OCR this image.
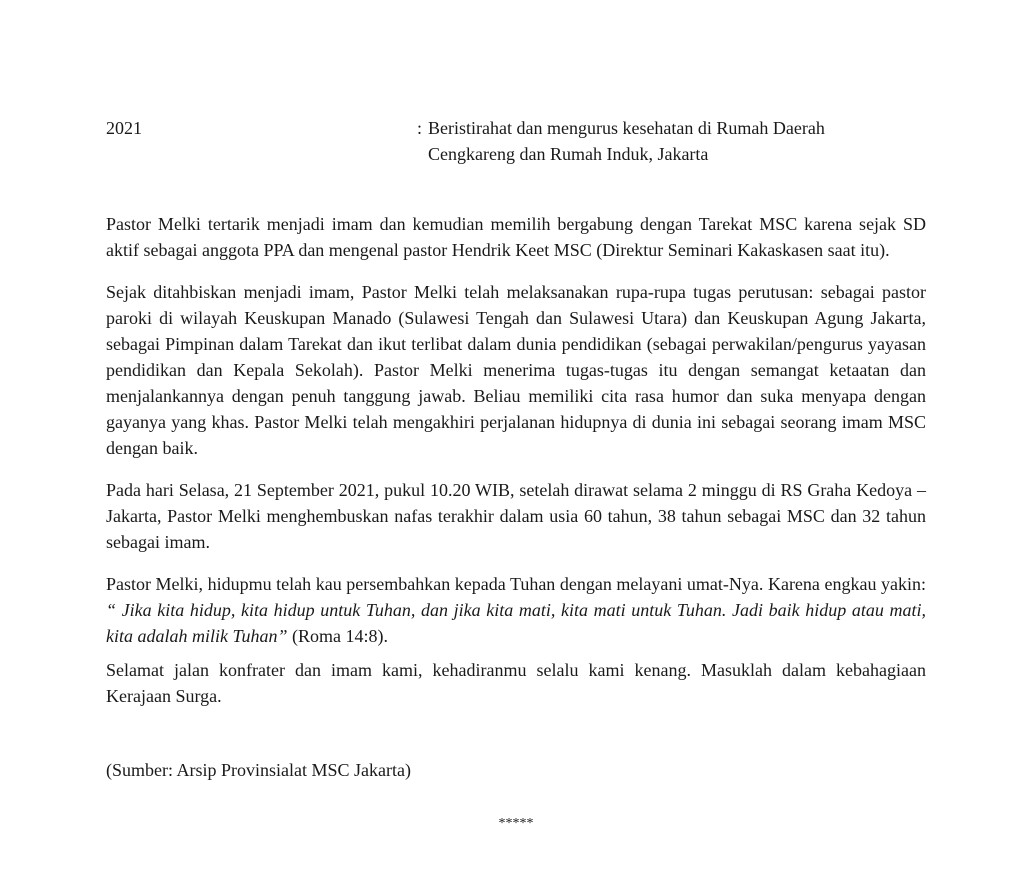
2021	: Beristirahat dan mengurus kesehatan di Rumah Daerah Cengkareng dan Rumah Induk, Jakarta

Pastor Melki tertarik menjadi imam dan kemudian memilih bergabung dengan Tarekat MSC karena sejak SD aktif sebagai anggota PPA dan mengenal pastor Hendrik Keet MSC (Direktur Seminari Kakaskasen saat itu).

Sejak ditahbiskan menjadi imam, Pastor Melki telah melaksanakan rupa-rupa tugas perutusan: sebagai pastor paroki di wilayah Keuskupan Manado (Sulawesi Tengah dan Sulawesi Utara) dan Keuskupan Agung Jakarta, sebagai Pimpinan dalam Tarekat dan ikut terlibat dalam dunia pendidikan (sebagai perwakilan/pengurus yayasan pendidikan dan Kepala Sekolah). Pastor Melki menerima tugas-tugas itu dengan semangat ketaatan dan menjalankannya dengan penuh tanggung jawab. Beliau memiliki cita rasa humor dan suka menyapa dengan gayanya yang khas. Pastor Melki telah mengakhiri perjalanan hidupnya di dunia ini sebagai seorang imam MSC dengan baik.

Pada hari Selasa, 21 September 2021, pukul 10.20 WIB, setelah dirawat selama 2 minggu di RS Graha Kedoya – Jakarta, Pastor Melki menghembuskan nafas terakhir dalam usia 60 tahun, 38 tahun sebagai MSC dan 32 tahun sebagai imam.

Pastor Melki, hidupmu telah kau persembahkan kepada Tuhan dengan melayani umat-Nya. Karena engkau yakin: “ Jika kita hidup, kita hidup untuk Tuhan, dan jika kita mati, kita mati untuk Tuhan. Jadi baik hidup atau mati, kita adalah milik Tuhan” (Roma 14:8).

Selamat jalan konfrater dan imam kami, kehadiranmu selalu kami kenang. Masuklah dalam kebahagiaan Kerajaan Surga.

(Sumber: Arsip Provinsialat MSC Jakarta)

*****
